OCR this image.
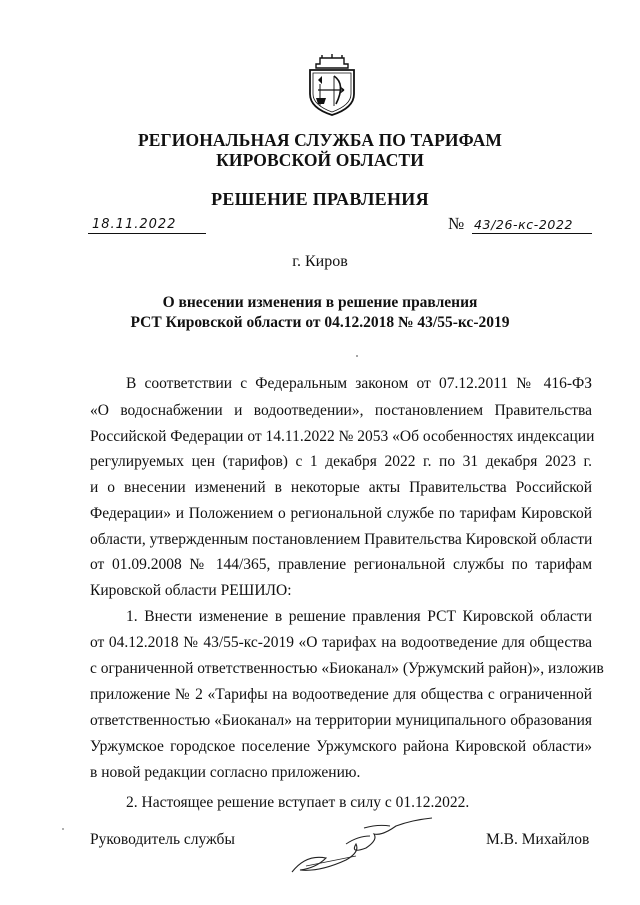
РЕГИОНАЛЬНАЯ СЛУЖБА ПО ТАРИФАМ
КИРОВСКОЙ ОБЛАСТИ
РЕШЕНИЕ ПРАВЛЕНИЯ
18.11.2022	№ 43/26-кс-2022
г. Киров
О внесении изменения в решение правления
РСТ Кировской области от 04.12.2018 № 43/55-кс-2019
В соответствии с Федеральным законом от 07.12.2011 № 416-ФЗ
«О водоснабжении и водоотведении», постановлением Правительства
Российской Федерации от 14.11.2022 № 2053 «Об особенностях индексации
регулируемых цен (тарифов) с 1 декабря 2022 г. по 31 декабря 2023 г.
и о внесении изменений в некоторые акты Правительства Российской
Федерации» и Положением о региональной службе по тарифам Кировской
области, утвержденным постановлением Правительства Кировской области
от 01.09.2008 № 144/365, правление региональной службы по тарифам
Кировской области РЕШИЛО:
1. Внести изменение в решение правления РСТ Кировской области
от 04.12.2018 № 43/55-кс-2019 «О тарифах на водоотведение для общества
с ограниченной ответственностью «Биоканал» (Уржумский район)», изложив
приложение № 2 «Тарифы на водоотведение для общества с ограниченной
ответственностью «Биоканал» на территории муниципального образования
Уржумское городское поселение Уржумского района Кировской области»
в новой редакции согласно приложению.
2. Настоящее решение вступает в силу с 01.12.2022.
Руководитель службы	М.В. Михайлов
